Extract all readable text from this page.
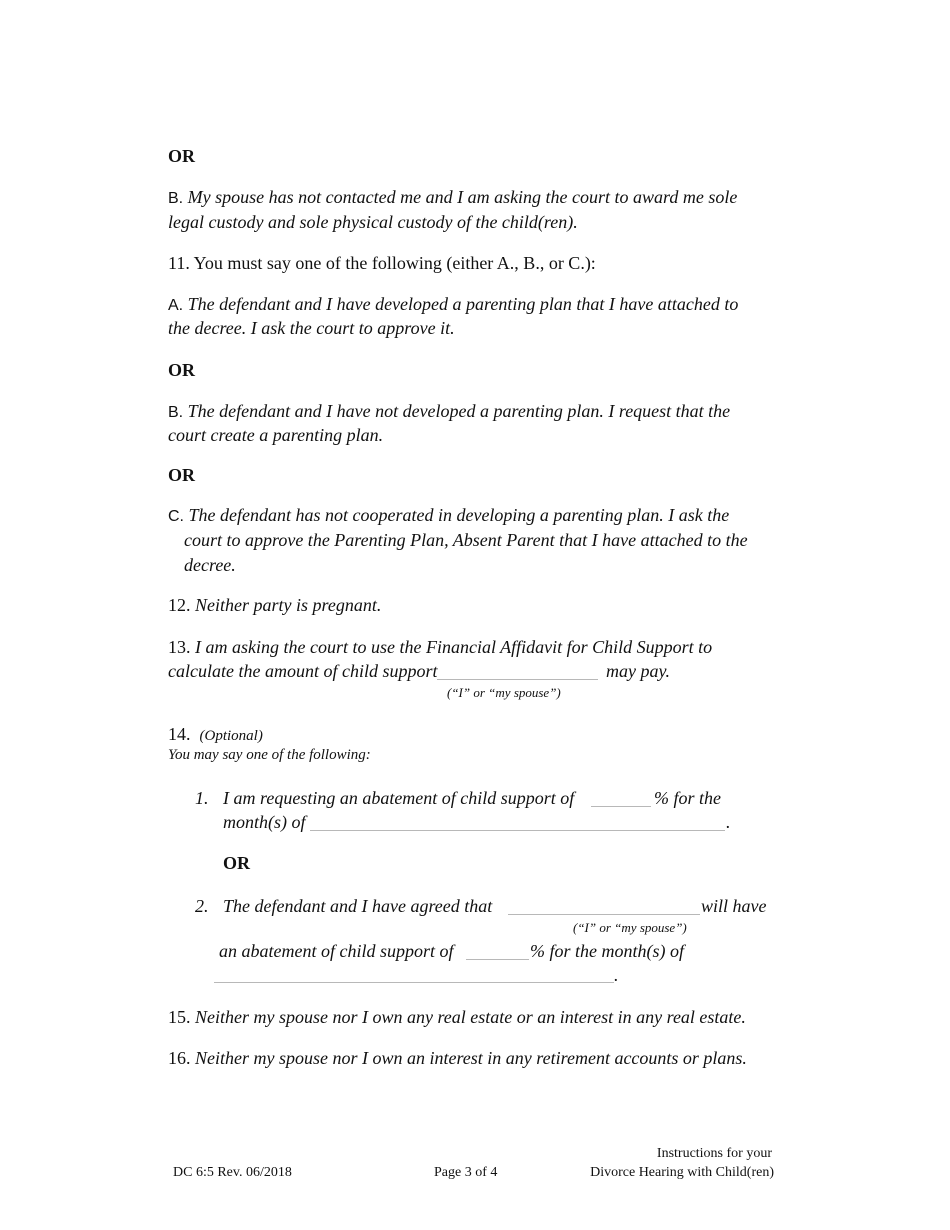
OR
B. My spouse has not contacted me and I am asking the court to award me sole
legal custody and sole physical custody of the child(ren).
11. You must say one of the following (either A., B., or C.):
A. The defendant and I have developed a parenting plan that I have attached to
the decree. I ask the court to approve it.
OR
B. The defendant and I have not developed a parenting plan. I request that the
court create a parenting plan.
OR
C. The defendant has not cooperated in developing a parenting plan. I ask the
court to approve the Parenting Plan, Absent Parent that I have attached to the
decree.
12. Neither party is pregnant.
13. I am asking the court to use the Financial Affidavit for Child Support to
calculate the amount of child support	may pay.
(“I” or “my spouse”)
14. (Optional)
You may say one of the following:
1. I am requesting an abatement of child support of	% for the
month(s) of	.
OR
2. The defendant and I have agreed that	will have
(“I” or “my spouse”)
an abatement of child support of	% for the month(s) of
.
15. Neither my spouse nor I own any real estate or an interest in any real estate.
16. Neither my spouse nor I own an interest in any retirement accounts or plans.
DC 6:5 Rev. 06/2018	Page 3 of 4
Instructions for your
Divorce Hearing with Child(ren)
